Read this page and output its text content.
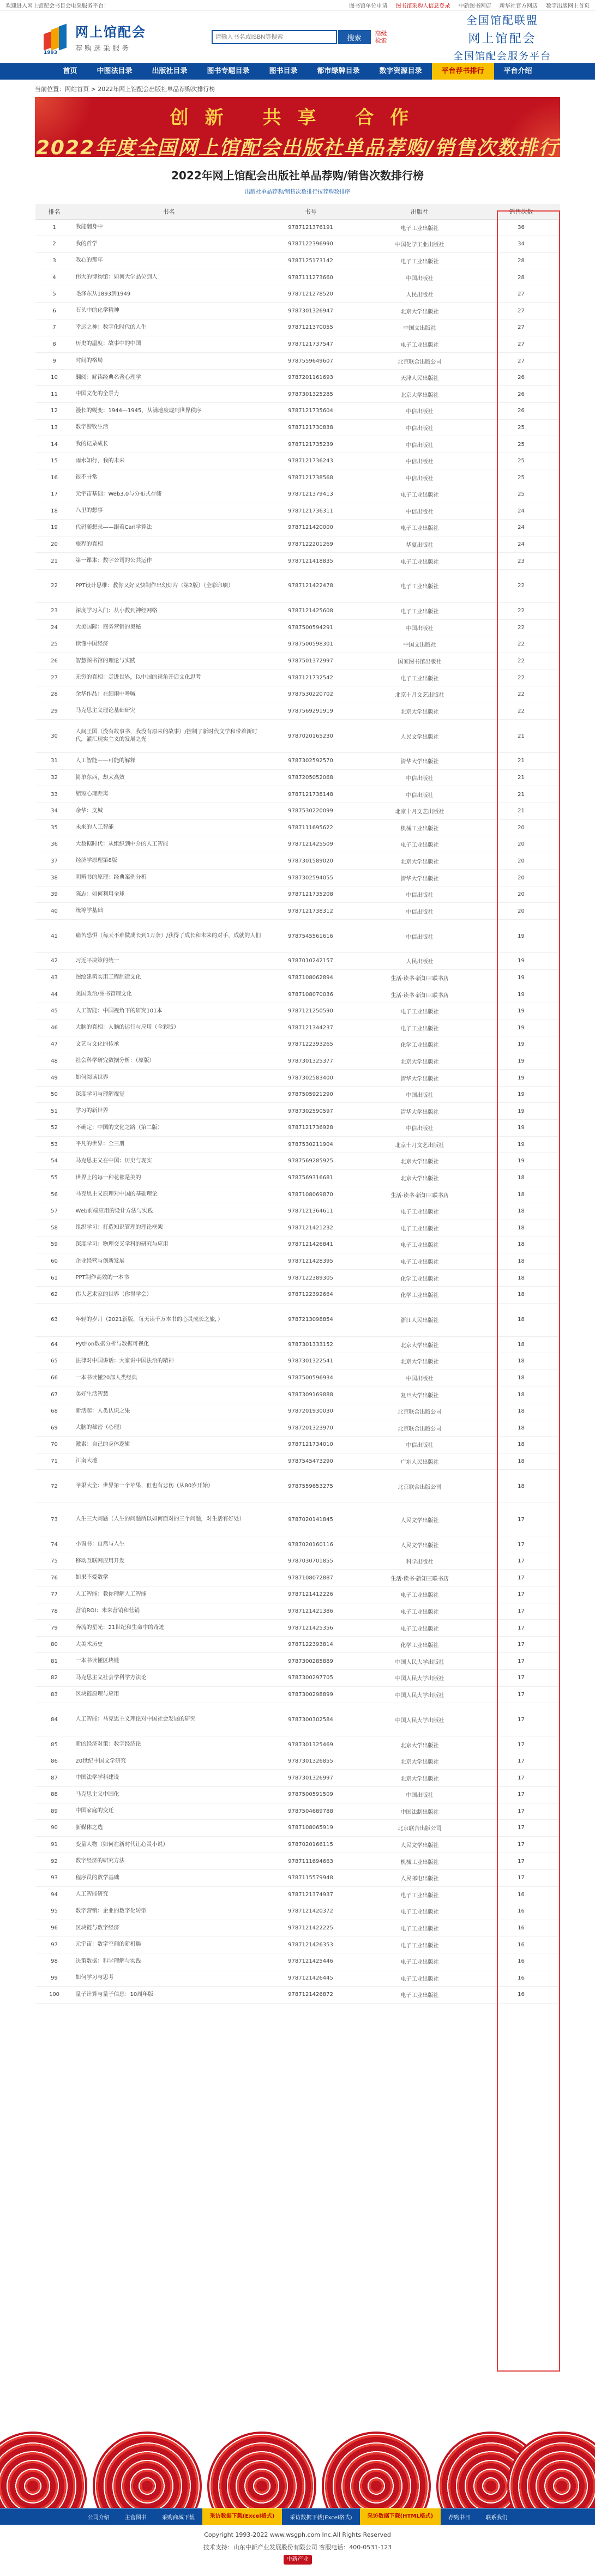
欢迎进入网上馆配会书目会电采服务平台！	图书馆单位申请 图书馆采购人信息登录 中新图书网店 新华社官方网店 数字出版网上首页
1993
网上馆配会
荐购选采服务
请输入书名或ISBN等搜索
搜索	高级检索
全国馆配联盟
网上馆配会
全国馆配会服务平台
首页	中图法目录	出版社目录	图书专题目录	图书目录	都市绿牌目录	数字资源目录	平台荐书排行	平台介绍
当前位置：网站首页 > 2022年网上馆配会出版社单品荐购次排行榜
创新 共享 合作
2022年度全国网上馆配会出版社单品荐购/销售次数排行
2022年网上馆配会出版社单品荐购/销售次数排行榜
出版社单品荐购/销售次数排行按荐购数排序
排名	书名	书号	出版社	销售次数
1	我能翻身中	9787121376191	电子工业出版社	36
2	我的哲学	9787122396990	中国化学工业出版社	34
3	我心的那年	9787125173142	电子工业出版社	28
4	伟大的博物馆：如何大学品位到人	9787111273660	中国出版社	28
5	毛泽东从1893到1949	9787121278520	人民出版社	27
6	石头中的化学精神	9787301326947	北京大学出版社	27
7	幸运之神：数字化时代的人生	9787121370055	中国文出版社	27
8	历史的温度：故事中的中国	9787121737547	电子工业出版社	27
9	时间的格局	9787559649607	北京联合出版公司	27
10	翻阅：解读经典名著心理学	9787201161693	天津人民出版社	26
11	中国文化的全景力	9787301325285	北京大学出版社	26
12	漫长的蜕变：1944—1945，从满地废墟到世界秩序	9787121735604	中信出版社	26
13	数字游牧生活	9787121730838	中信出版社	25
14	我的记录成长	9787121735239	中信出版社	25
15	雨水知行，我的未来	9787121736243	中信出版社	25
16	很不寻常	9787121738568	中信出版社	25
17	元宇宙基础：Web3.0与分布式存储	9787121379413	电子工业出版社	25
18	八里的想事	9787121736311	中信出版社	24
19	代码随想录——跟着Carl学算法	9787121420000	电子工业出版社	24
20	旅程的真相	9787122201269	华夏出版社	24
21	第一课本：数字公司的公共运作	9787121418835	电子工业出版社	23
22	PPT设计思维：教你又好又快制作出幻灯片（第2版）（全彩印刷）	9787121422478	电子工业出版社	22
23	深度学习入门：从小数到神经网络	9787121425608	电子工业出版社	22
24	大美国际：商务营销的奥秘	9787500594291	中国出版社	22
25	读懂中国经济	9787500598301	中国文出版社	22
26	智慧图书馆的理论与实践	9787501372997	国家图书馆出版社	22
27	无穷的真相：走进世界，以中国的视角开启文化思考	9787121732542	电子工业出版社	22
28	余华作品：在细雨中呼喊	9787530220702	北京十月文艺出版社	22
29	马克思主义理论基础研究	9787569291919	北京大学出版社	22
30	人间王国（没有故事书，我没有原来的故事）/控制了新时代文学和带着新时代，灌汇现实主义的发展之光	9787020165230	人民文学出版社	21
31	人工智能——可能的解释	9787302592570	清华大学出版社	21
32	简单东西，却太高效	9787205052068	中信出版社	21
33	缩短心理距离	9787121738148	中信出版社	21
34	余华：文城	9787530220099	北京十月文艺出版社	21
35	未来的人工智能	9787111695622	机械工业出版社	20
36	大数据时代：从组织到中介的人工智能	9787121425509	电子工业出版社	20
37	经济学原理第8版	9787301589020	北京大学出版社	20
38	明辨书的原理：经典案例分析	9787302594055	清华大学出版社	20
39	陈志：如何利用全球	9787121735208	中信出版社	20
40	统筹学基础	9787121738312	中信出版社	20
41	痛苦恐惧（每天不难做成长到1万条）/获得了成长和未来的对手，成就的人们	9787545561616	中信出版社	19
42	习近平决策的统一	9787010242157	人民出版社	19
43	图绘建筑实用工程制造文化	9787108062894	生活·读书·新知三联书店	19
44	美国政治/图书管理文化	9787108070036	生活·读书·新知三联书店	19
45	人工智能：中国视角下的研究101本	9787121250590	电子工业出版社	19
46	大脑的真相：人脑的运行与应用（全彩版）	9787121344237	电子工业出版社	19
47	文艺与文化的传承	9787122393265	化学工业出版社	19
48	社会科学研究数据分析：（原版）	9787301325377	北京大学出版社	19
49	如何阅读世界	9787302583400	清华大学出版社	19
50	深度学习与理解视觉	9787505921290	中国出版社	19
51	学习的新世界	9787302590597	清华大学出版社	19
52	不确定：中国的文化之路（第二版）	9787121736928	中信出版社	19
53	平凡的世界：全三册	9787530211904	北京十月文艺出版社	19
54	马克思主义在中国：历史与现实	9787569285925	北京大学出版社	19
55	世界上的每一种花都是美的	9787569316681	北京大学出版社	18
56	马克思主义原理对中国的基础理论	9787108069870	生活·读书·新知三联书店	18
57	Web前端应用的设计方法与实践	9787121364611	电子工业出版社	18
58	组织学习：打造知识管理的理论框架	9787121421232	电子工业出版社	18
59	深度学习：物理交叉学科的研究与应用	9787121426841	电子工业出版社	18
60	企业经营与创新发展	9787121428395	电子工业出版社	18
61	PPT制作高效的一本书	9787122389305	化学工业出版社	18
62	伟大艺术家的世界（你得学会）	9787122392664	化学工业出版社	18
63	年轻的岁月（2021新版，每天读千万本书的心灵成长之旅，）	9787213098854	浙江人民出版社	18
64	Python数据分析与数据可视化	9787301333152	北京大学出版社	18
65	法律对中国讲话：大家讲中国法治的精神	9787301322541	北京大学出版社	18
66	一本书读懂20部人类经典	9787500596934	中国出版社	18
67	美好生活智慧	9787309169888	复旦大学出版社	18
68	新活起：人类认识之果	9787201930030	北京联合出版公司	18
69	大脑的秘密（心理）	9787201323970	北京联合出版公司	18
70	激素：自己的身体逻辑	9787121734010	中信出版社	18
71	江南大地	9787545473290	广东人民出版社	18
72	苹果大全：世界第一个苹果，但也有悲伤（从80岁开始）	9787559653275	北京联合出版公司	18
73	人生三大问题（人生的问题所以如何面对的三个问题，对生活有好处）	9787020141845	人民文学出版社	17
74	小窗书：自然与人生	9787020160116	人民文学出版社	17
75	移动互联网应用开发	9787030701855	科学出版社	17
76	如果不爱数学	9787108072887	生活·读书·新知三联书店	17
77	人工智能：教你理解人工智能	9787121412226	电子工业出版社	17
78	营销ROI：未来营销和营销	9787121421386	电子工业出版社	17
79	奔流的星光：21世纪和生命中的奇迹	9787121425356	电子工业出版社	17
80	大美术历史	9787122393814	化学工业出版社	17
81	一本书读懂区块链	9787300285889	中国人民大学出版社	17
82	马克思主义社会学科学方法论	9787300297705	中国人民大学出版社	17
83	区块链原理与应用	9787300298899	中国人民大学出版社	17
84	人工智能：马克思主义理论对中国社会发展的研究	9787300302584	中国人民大学出版社	17
85	新的经济对策：数字经济论	9787301325469	北京大学出版社	17
86	20世纪中国文学研究	9787301326855	北京大学出版社	17
87	中国法学学科建设	9787301326997	北京大学出版社	17
88	马克思主义中国化	9787500591509	中国出版社	17
89	中国家庭的变迁	9787504689788	中国法制出版社	17
90	新媒体之选	9787108065919	北京联合出版公司	17
91	变量人物（如何在新时代让心灵小说）	9787020166115	人民文学出版社	17
92	数字经济的研究方法	9787111694663	机械工业出版社	17
93	程序员的数学基础	9787115579948	人民邮电出版社	17
94	人工智能研究	9787121374937	电子工业出版社	16
95	数字营销：企业的数字化转型	9787121420372	电子工业出版社	16
96	区块链与数字经济	9787121422225	电子工业出版社	16
97	元宇宙：数字空间的新机遇	9787121426353	电子工业出版社	16
98	决策数据：科学理解与实践	9787121425446	电子工业出版社	16
99	如何学习与思考	9787121426445	电子工业出版社	16
100	量子计算与量子信息：10周年版	9787121426872	电子工业出版社	16
公司介绍	主营图书	采购商城下载	采访数据下载(Excel格式)	采访数据下载(Excel格式)	采访数据下载(HTML格式)	荐购书目	联系我们
Copyright 1993-2022 www.wsgph.com Inc.All Rights Reserved
技术支持：山东中新产业发展股份有限公司 客服电话：400-0531-123
中新产业
